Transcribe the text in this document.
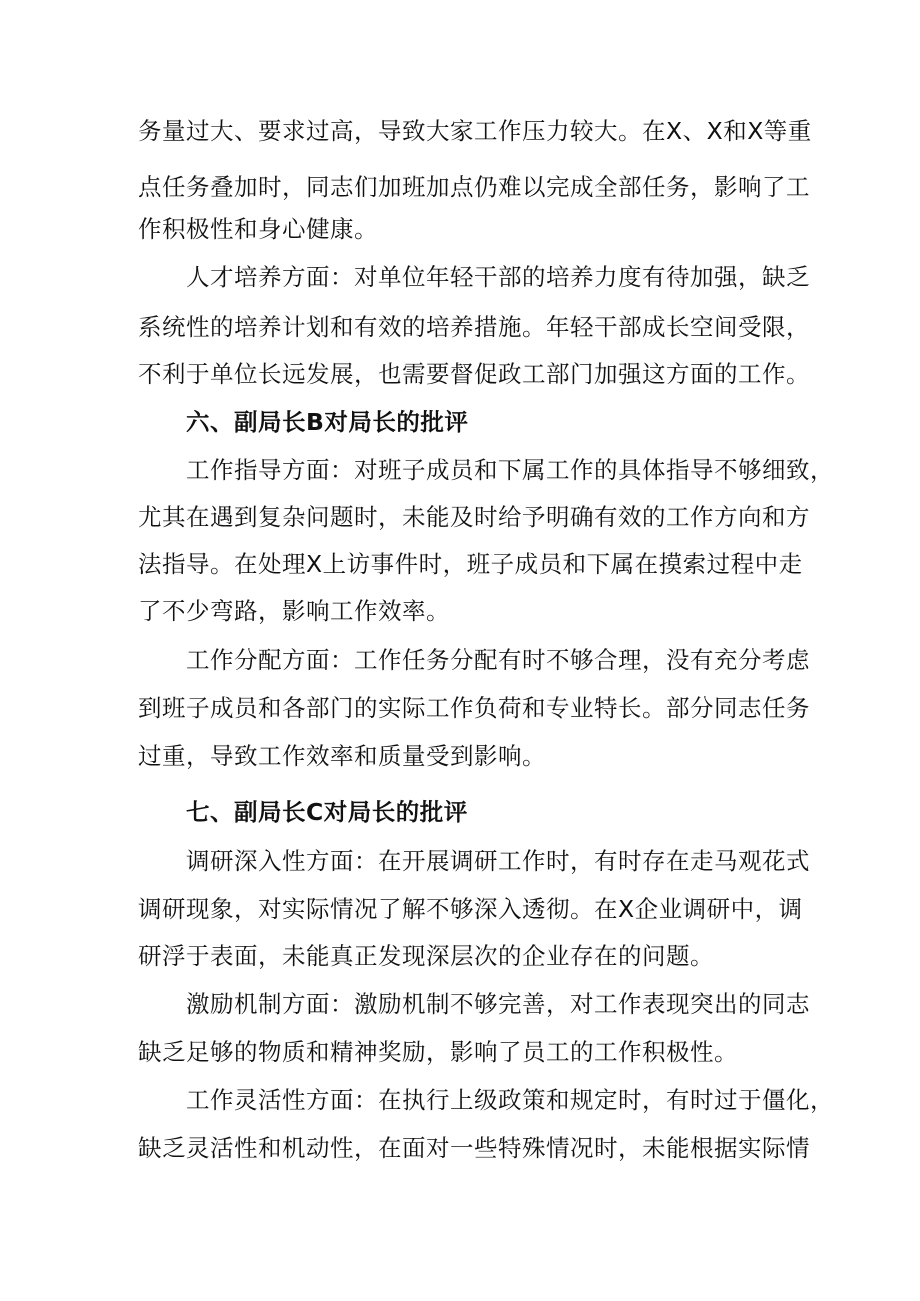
务量过大、要求过高，导致大家工作压力较大。在X、X和X等重
点任务叠加时，同志们加班加点仍难以完成全部任务，影响了工
作积极性和身心健康。
人才培养方面：对单位年轻干部的培养力度有待加强，缺乏
系统性的培养计划和有效的培养措施。年轻干部成长空间受限，
不利于单位长远发展，也需要督促政工部门加强这方面的工作。
六、副局长B对局长的批评
工作指导方面：对班子成员和下属工作的具体指导不够细致，
尤其在遇到复杂问题时，未能及时给予明确有效的工作方向和方
法指导。在处理X上访事件时，班子成员和下属在摸索过程中走
了不少弯路，影响工作效率。
工作分配方面：工作任务分配有时不够合理，没有充分考虑
到班子成员和各部门的实际工作负荷和专业特长。部分同志任务
过重，导致工作效率和质量受到影响。
七、副局长C对局长的批评
调研深入性方面：在开展调研工作时，有时存在走马观花式
调研现象，对实际情况了解不够深入透彻。在X企业调研中，调
研浮于表面，未能真正发现深层次的企业存在的问题。
激励机制方面：激励机制不够完善，对工作表现突出的同志
缺乏足够的物质和精神奖励，影响了员工的工作积极性。
工作灵活性方面：在执行上级政策和规定时，有时过于僵化，
缺乏灵活性和机动性，在面对一些特殊情况时，未能根据实际情
